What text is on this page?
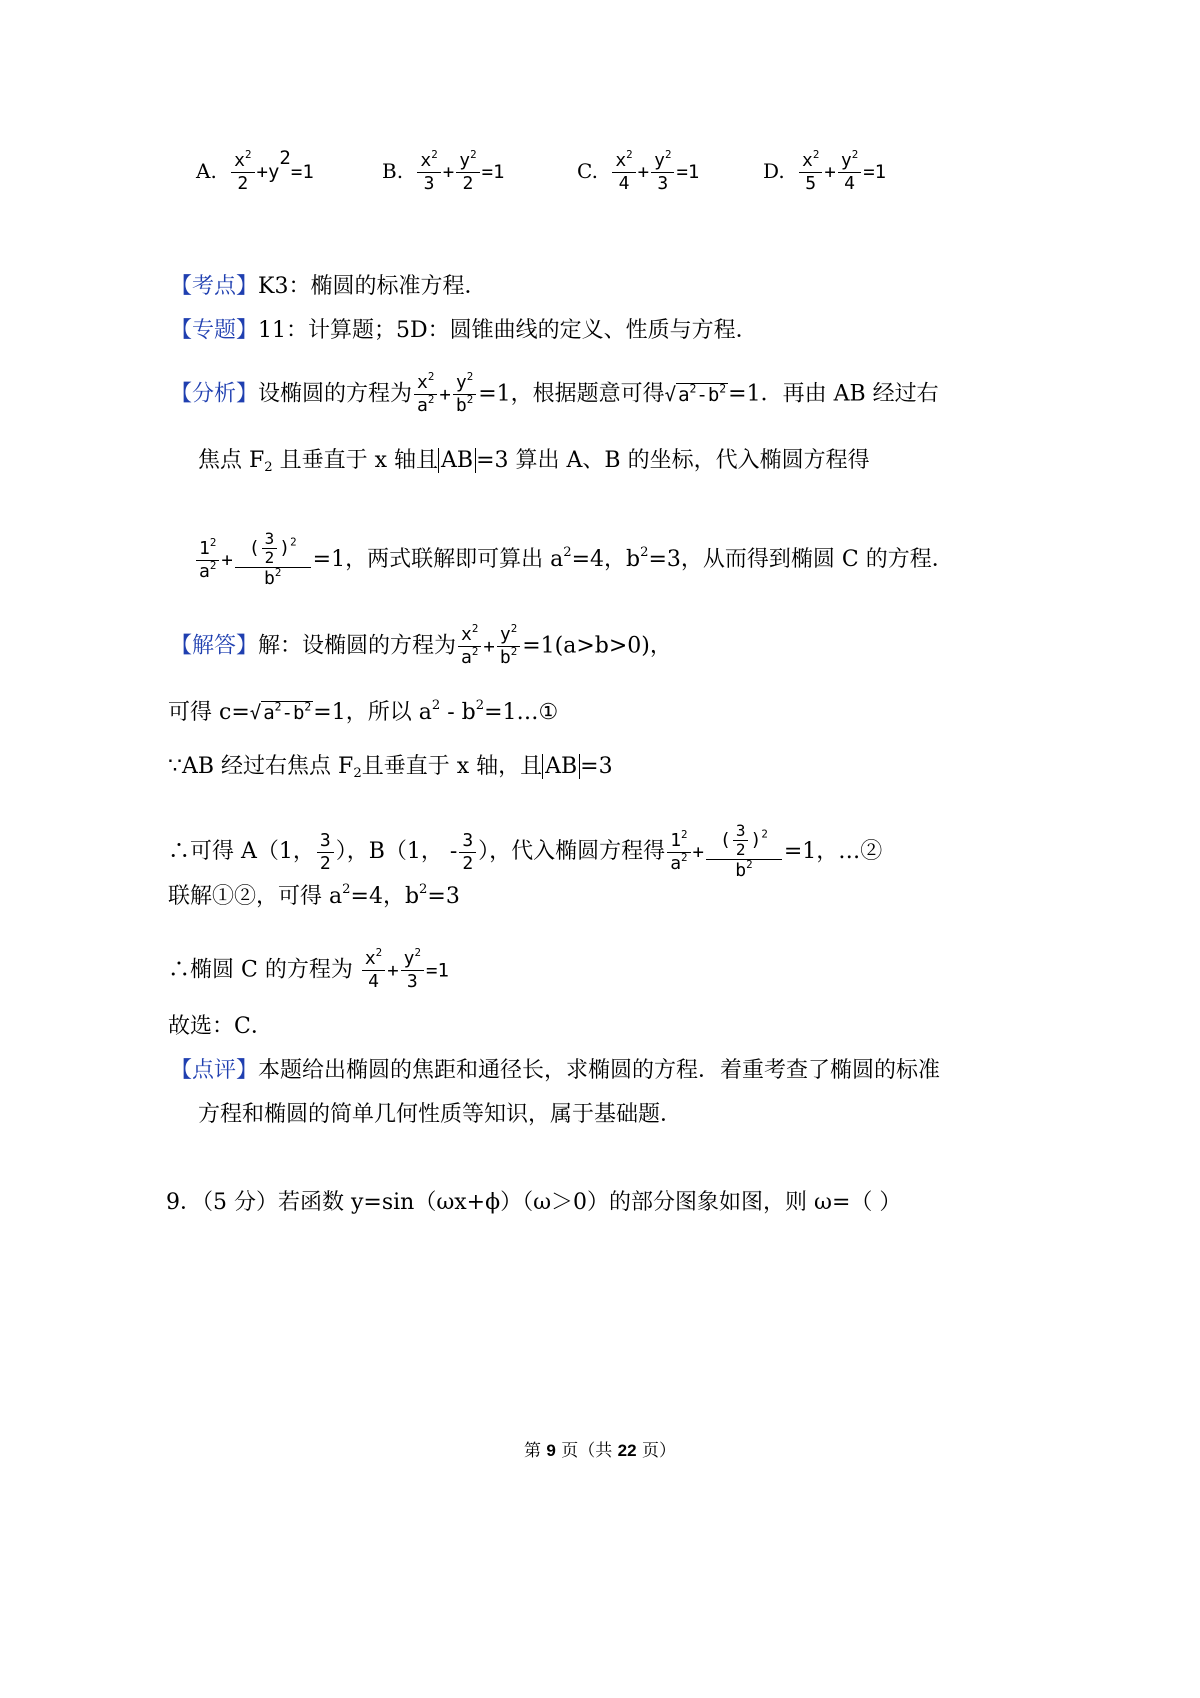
A. $\frac{x^2}{2} +y^2=1$	B. $\frac{x^2}{3} + \frac{y^2}{2} =1$	C. $\frac{x^2}{4} + \frac{y^2}{3} =1$	D. $\frac{x^2}{5} + \frac{y^2}{4} =1$
【考点】K3：椭圆的标准方程．
【专题】11：计算题；5D：圆锥曲线的定义、性质与方程．
【分析】设椭圆的方程为 $\frac{x^2}{a^2} + \frac{y^2}{b^2} =1$，根据题意可得√ $a^2-b^2=1$．再由 AB 经过右
焦点 $F_2$ 且垂直于 x 轴且 AB =3 算出 A、B 的坐标，代入椭圆方程得
$\frac{1^2}{a^2} + \frac{( \frac{3}{2} )^2}{b^2} =1$，两式联解即可算出 $a^2=4$，$b^2=3$，从而得到椭圆 C 的方程．
【解答】解：设椭圆的方程为 $\frac{x^2}{a^2} + \frac{y^2}{b^2} =1(a>b>0)$，
可得 c=√ $a^2-b^2=1$，所以 $a^2$ - $b^2=1\dots ①$
∵AB 经过右焦点 $F_2$且垂直于 x 轴，且 AB =3
∴可得 A（1， $\frac{3}{2}$ ），B（1， - $\frac{3}{2}$ ），代入椭圆方程得 $\frac{1^2}{a^2} + \frac{( \frac{3}{2} )^2}{b^2} =1$，…②
联解①②，可得 $a^2=4$，$b^2=3$
∴椭圆 C 的方程为 $\frac{x^2}{4} + \frac{y^2}{3} =1$
故选：C．
【点评】本题给出椭圆的焦距和通径长，求椭圆的方程．着重考查了椭圆的标准
方程和椭圆的简单几何性质等知识，属于基础题．
9．（5 分）若函数 y=sin（ωx+ϕ）（ω＞0）的部分图象如图，则 ω=（ ）
第 9 页（共 22 页）
